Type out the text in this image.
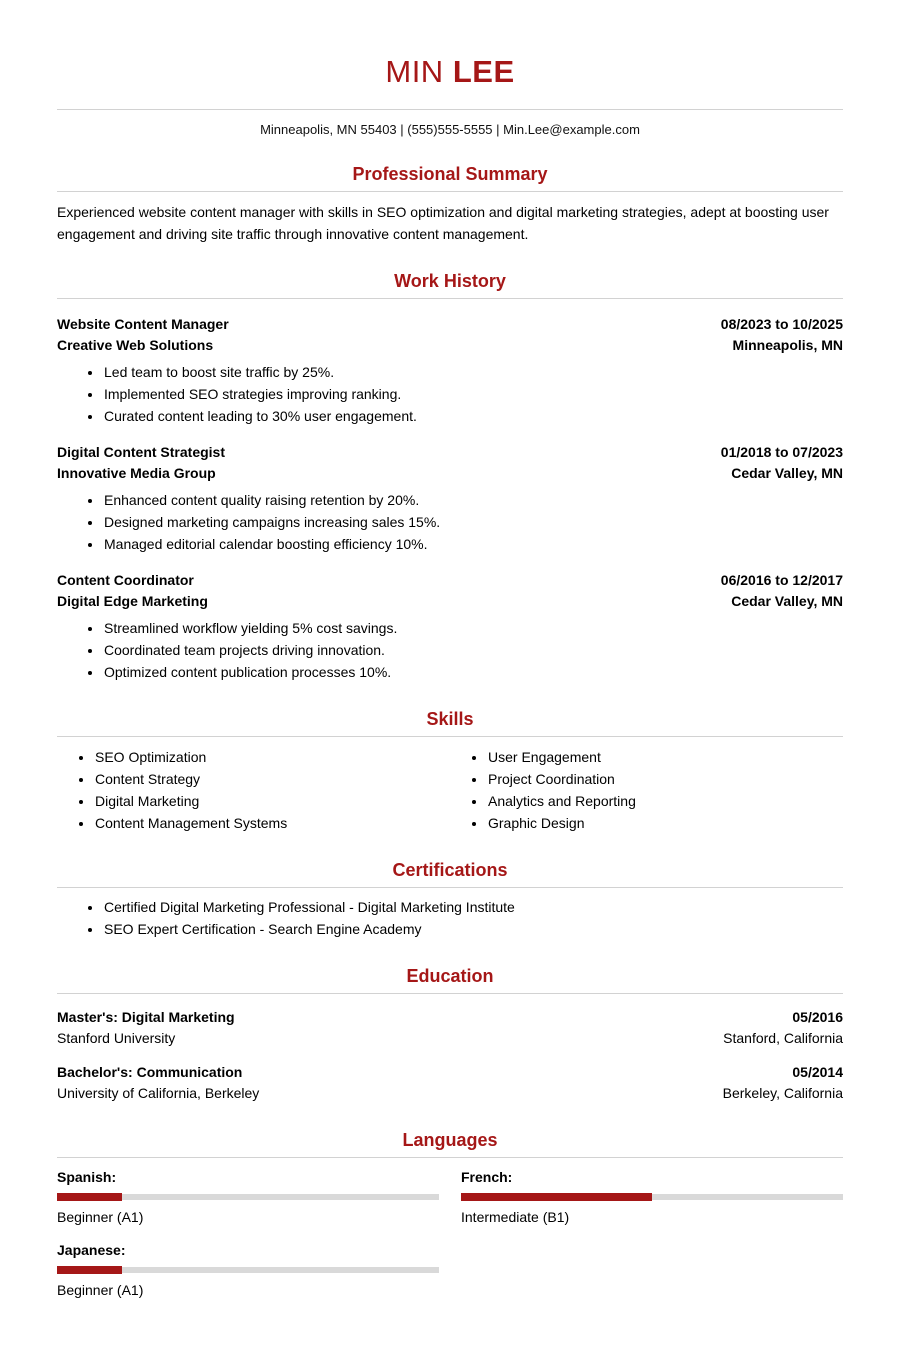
MIN LEE
Minneapolis, MN 55403 | (555)555-5555 | Min.Lee@example.com
Professional Summary

Experienced website content manager with skills in SEO optimization and digital marketing strategies, adept at boosting user engagement and driving site traffic through innovative content management.

Work History
Website Content Manager	08/2023 to 10/2025
Creative Web Solutions	Minneapolis, MN
• Led team to boost site traffic by 25%.
• Implemented SEO strategies improving ranking.
• Curated content leading to 30% user engagement.
Digital Content Strategist	01/2018 to 07/2023
Innovative Media Group	Cedar Valley, MN
• Enhanced content quality raising retention by 20%.
• Designed marketing campaigns increasing sales 15%.
• Managed editorial calendar boosting efficiency 10%.
Content Coordinator	06/2016 to 12/2017
Digital Edge Marketing	Cedar Valley, MN
• Streamlined workflow yielding 5% cost savings.
• Coordinated team projects driving innovation.
• Optimized content publication processes 10%.
Skills
• SEO Optimization
• Content Strategy
• Digital Marketing
• Content Management Systems
• User Engagement
• Project Coordination
• Analytics and Reporting
• Graphic Design
Certifications
• Certified Digital Marketing Professional - Digital Marketing Institute
• SEO Expert Certification - Search Engine Academy
Education
Master's: Digital Marketing	05/2016
Stanford University	Stanford, California
Bachelor's: Communication	05/2014
University of California, Berkeley	Berkeley, California
Languages
Spanish:
Beginner (A1)
French:
Intermediate (B1)
Japanese:
Beginner (A1)
